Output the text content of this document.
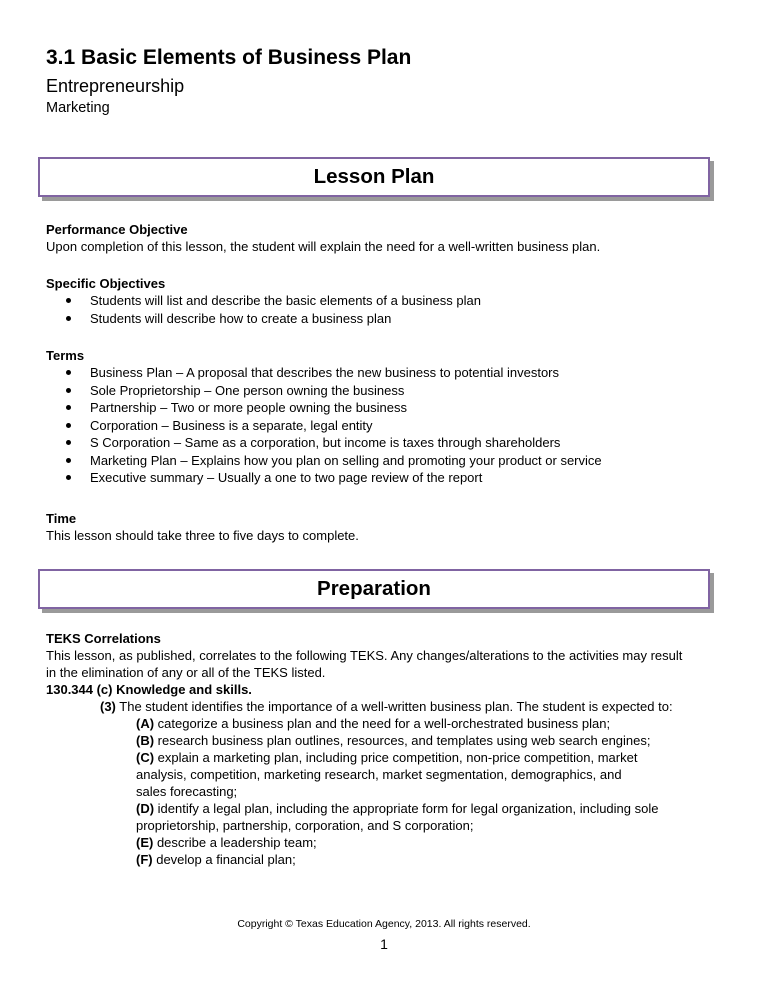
3.1 Basic Elements of Business Plan
Entrepreneurship
Marketing
Lesson Plan
Performance Objective
Upon completion of this lesson, the student will explain the need for a well-written business plan.
Specific Objectives
Students will list and describe the basic elements of a business plan
Students will describe how to create a business plan
Terms
Business Plan – A proposal that describes the new business to potential investors
Sole Proprietorship – One person owning the business
Partnership – Two or more people owning the business
Corporation – Business is a separate, legal entity
S Corporation – Same as a corporation, but income is taxes through shareholders
Marketing Plan – Explains how you plan on selling and promoting your product or service
Executive summary – Usually a one to two page review of the report
Time
This lesson should take three to five days to complete.
Preparation
TEKS Correlations
This lesson, as published, correlates to the following TEKS. Any changes/alterations to the activities may result
in the elimination of any or all of the TEKS listed.
130.344 (c) Knowledge and skills.
(3) The student identifies the importance of a well-written business plan. The student is expected to:
(A) categorize a business plan and the need for a well-orchestrated business plan;
(B) research business plan outlines, resources, and templates using web search engines;
(C) explain a marketing plan, including price competition, non-price competition, market
analysis, competition, marketing research, market segmentation, demographics, and
sales forecasting;
(D) identify a legal plan, including the appropriate form for legal organization, including sole
proprietorship, partnership, corporation, and S corporation;
(E) describe a leadership team;
(F) develop a financial plan;
Copyright © Texas Education Agency, 2013. All rights reserved.
1
